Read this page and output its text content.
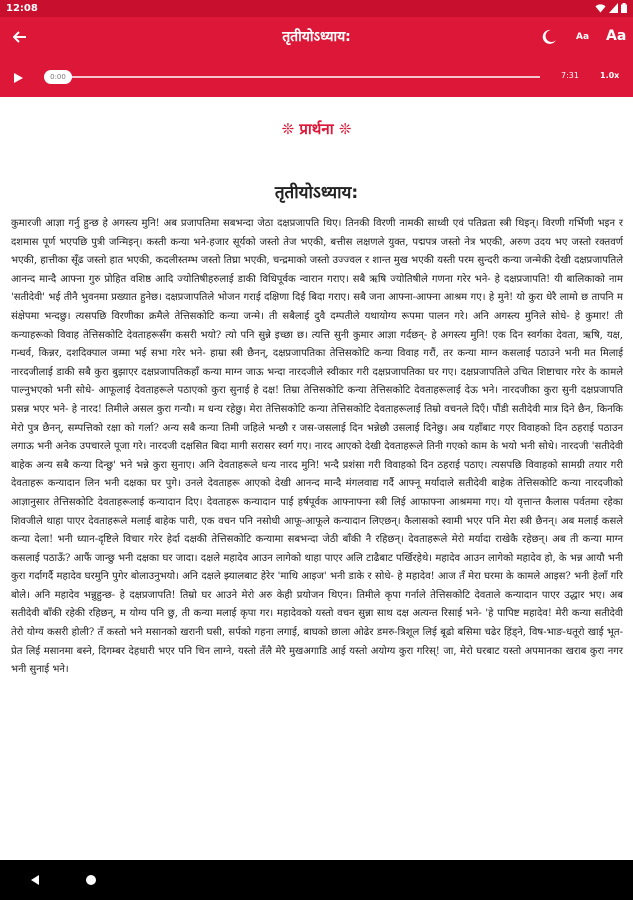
12:08
तृतीयोऽध्याय:	Aa Aa
0:00	7:31	1.0x
❊ प्रार्थना ❊
तृतीयोऽध्याय:

कुमारजी आज्ञा गर्नु हुन्छ हे अगस्त्य मुनि! अब प्रजापतिमा सबभन्दा जेठा दक्षप्रजापति थिए। तिनकी विरणी नामकी साध्वी एवं पतिव्रता स्त्री थिइन्। विरणी गर्भिणी भइन र दशमास पूर्ण भएपछि पुत्री जन्मिइन्। कस्ती कन्या भने-हजार सूर्यको जस्तो तेज भएकी, बत्तीस लक्षणले युक्त, पद्मपत्र जस्तो नेत्र भएकी, अरुण उदय भए जस्तो रक्तवर्ण भएकी, हात्तीका सूँढ जस्तो हात भएकी, कदलीस्तम्भ जस्तो तिघ्रा भएकी, चन्द्रमाको जस्तो उज्ज्वल र शान्त मुख भएकी यस्ती परम सुन्दरी कन्या जन्मेकी देखी दक्षप्रजापतिले आनन्द मान्दै आफ्ना गुरु प्रोहित वशिष्ठ आदि ज्योतिषीहरुलाई डाकी विधिपूर्वक न्वारान गराए। सबै ऋषि ज्योतिषीले गणना गरेर भने- हे दक्षप्रजापति! यी बालिकाको नाम 'सतीदेवी' भई तीनै भुवनमा प्रख्यात हुनेछ। दक्षप्रजापतिले भोजन गराई दक्षिणा दिई बिदा गराए। सबै जना आफ्ना-आफ्ना आश्रम गए। हे मुने! यो कुरा धेरै लामो छ तापनि म संक्षेपमा भन्दछु। त्यसपछि विरणीका क्रमैले तेत्तिसकोटि कन्या जन्मे। ती सबैलाई दुवै दम्पतीले यथायोग्य रूपमा पालन गरे। अनि अगस्त्य मुनिले सोधे- हे कुमार! ती कन्याहरूको विवाह तेत्तिसकोटि देवताहरूसँग कसरी भयो? त्यो पनि सुन्ने इच्छा छ। त्यत्ति सुनी कुमार आज्ञा गर्दछन्- हे अगस्त्य मुनि! एक दिन स्वर्गका देवता, ऋषि, यक्ष, गन्धर्व, किन्नर, दशदिक्पाल जम्मा भई सभा गरेर भने- हाम्रा स्त्री छैनन्, दक्षप्रजापतिका तेत्तिसकोटि कन्या विवाह गरौं, तर कन्या माग्न कसलाई पठाउने भनी मत मिलाई नारदजीलाई डाकी सबै कुरा बुझाएर दक्षप्रजापतिकहाँ कन्या माग्न जाऊ भन्दा नारदजीले स्वीकार गरी दक्षप्रजापतिका घर गए। दक्षप्रजापतिले उचित शिष्टाचार गरेर के कामले पाल्नुभएको भनी सोधे- आफूलाई देवताहरूले पठाएको कुरा सुनाई हे दक्ष! तिम्रा तेत्तिसकोटि कन्या तेत्तिसकोटि देवताहरूलाई देऊ भने। नारदजीका कुरा सुनी दक्षप्रजापति प्रसन्न भएर भने- हे नारद! तिमीले असल कुरा गन्यौ। म धन्य रहेछु। मेरा तेत्तिसकोटि कन्या तेत्तिसकोटि देवताहरूलाई तिम्रो वचनले दिएँ। पौंडी सतीदेवी मात्र दिने छैन, किनकि मेरो पुत्र छैनन्, सम्पत्तिको रक्षा को गर्ला? अन्य सबै कन्या तिमी जहिले भन्छौ र जस-जसलाई दिन भन्नेछौ उसलाई दिनेछु। अब यहाँबाट गएर विवाहको दिन ठहराई पठाउन लगाऊ भनी अनेक उपचारले पूजा गरे। नारदजी दक्षसित बिदा मागी सरासर स्वर्ग गए। नारद आएको देखी देवताहरूले तिनी गएको काम के भयो भनी सोधे। नारदजी 'सतीदेवी बाहेक अन्य सबै कन्या दिन्छु' भने भन्ने कुरा सुनाए। अनि देवताहरूले धन्य नारद मुनि! भन्दै प्रशंसा गरी विवाहको दिन ठहराई पठाए। त्यसपछि विवाहको सामग्री तयार गरी देवताहरू कन्यादान लिन भनी दक्षका घर पुगे। उनले देवताहरू आएको देखी आनन्द मान्दै मंगलवाद्य गर्दै आफ्नू मर्यादाले सतीदेवी बाहेक तेत्तिसकोटि कन्या नारदजीको आज्ञानुसार तेत्तिसकोटि देवताहरूलाई कन्यादान दिए। देवताहरू कन्यादान पाई हर्षपूर्वक आफ्नाफ्ना स्त्री लिई आफाफ्ना आश्रममा गए। यो वृत्तान्त कैलास पर्वतमा रहेका शिवजीले थाहा पाएर देवताहरूले मलाई बाहेक पारी, एक वचन पनि नसोधी आफू-आफूले कन्यादान लिएछन्। कैलासको स्वामी भएर पनि मेरा स्त्री छैनन्। अब मलाई कसले कन्या देला! भनी ध्यान-दृष्टिले विचार गरेर हेर्दा दक्षकी तेत्तिसकोटि कन्यामा सबभन्दा जेठी बाँकी नै रहिछन्। देवताहरूले मेरो मर्यादा राखेकै रहेछन्। अब ती कन्या माग्न कसलाई पठाऊँ? आफैं जान्छु भनी दक्षका घर जादा। दक्षले महादेव आउन लागेको थाहा पाएर अलि टाढैबाट पर्खिरहेथे। महादेव आउन लागेको महादेव हो, के भन्न आयौ भनी कुरा गर्दागर्दै महादेव घरमुनि पुगेर बोलाउनुभयो। अनि दक्षले झ्यालबाट हेरेर 'माथि आइज' भनी डाके र सोधे- हे महादेव! आज तँ मेरा घरमा के कामले आइस? भनी हेलाँ गरि बोले। अनि महादेव भन्नुहुन्छ- हे दक्षप्रजापति! तिम्रो घर आउने मेरो अरु केही प्रयोजन थिएन। तिमीले कृपा गर्नाले तेत्तिसकोटि देवताले कन्यादान पाएर उद्धार भए। अब सतीदेवी बाँकी रहेकी रहिछन्, म योग्य पनि छु, ती कन्या मलाई कृपा गर। महादेवको यस्तो वचन सुन्ना साथ दक्ष अत्यन्त रिसाई भने- 'हे पापिष्ट महादेव! मेरी कन्या सतीदेवी तेरो योग्य कसरी होली? तँ कस्तो भने मसानको खरानी घसी, सर्पको गहना लगाई, बाघको छाला ओढेर डमरु-त्रिशूल लिई बूढो बसिमा चढेर हिंड्ने, विष-भाङ-धतूरो खाई भूत-प्रेत लिई मसानमा बस्ने, दिगम्बर देहधारी भएर पनि चिन लाग्ने, यस्तो तँलै मेरै मुखअगाडि आई यस्तो अयोग्य कुरा गरिस्! जा, मेरो घरबाट यस्तो अपमानका खराब कुरा नगर भनी सुनाई भने।
